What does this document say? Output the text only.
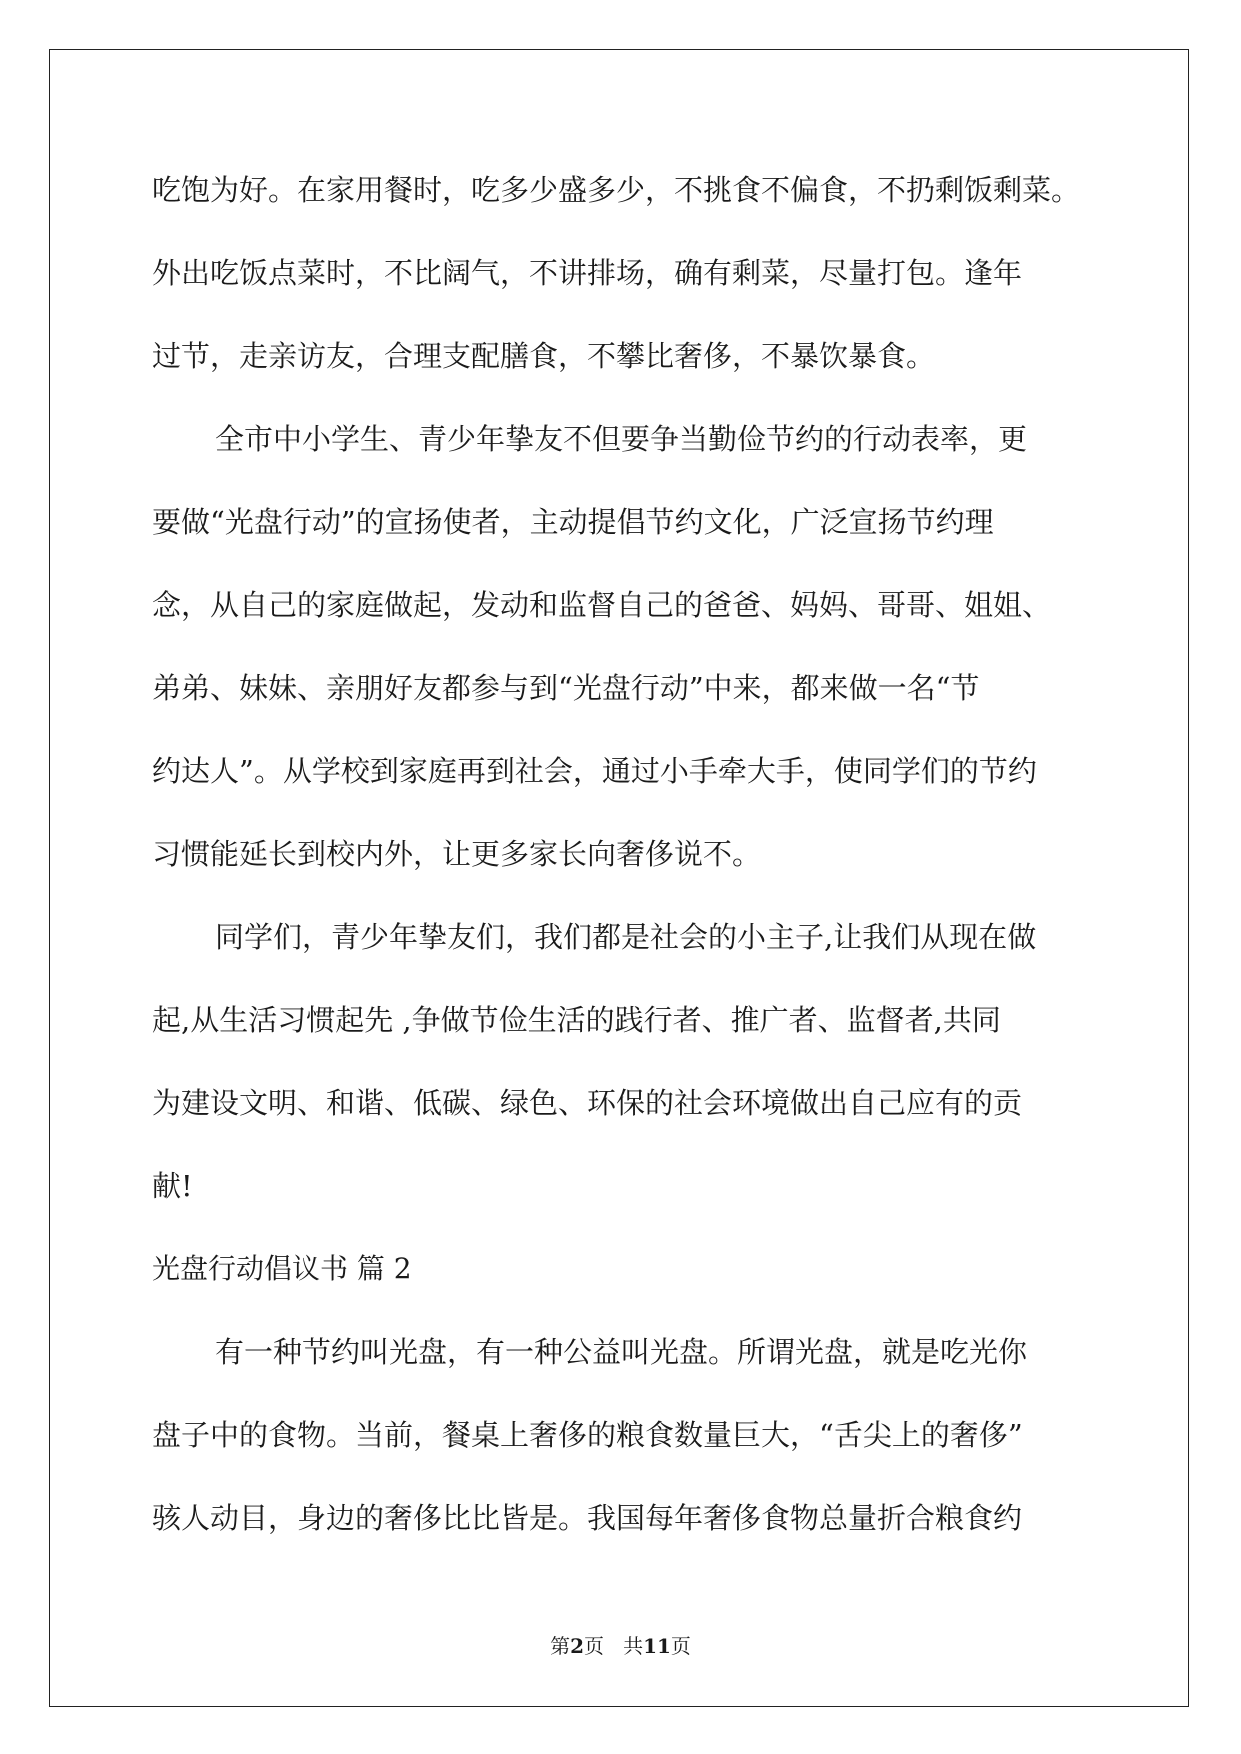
吃饱为好。在家用餐时，吃多少盛多少，不挑食不偏食，不扔剩饭剩菜。
外出吃饭点菜时，不比阔气，不讲排场，确有剩菜，尽量打包。逢年
过节，走亲访友，合理支配膳食，不攀比奢侈，不暴饮暴食。
全市中小学生、青少年挚友不但要争当勤俭节约的行动表率，更
要做“光盘行动”的宣扬使者，主动提倡节约文化，广泛宣扬节约理
念，从自己的家庭做起，发动和监督自己的爸爸、妈妈、哥哥、姐姐、
弟弟、妹妹、亲朋好友都参与到“光盘行动”中来，都来做一名“节
约达人”。从学校到家庭再到社会，通过小手牵大手，使同学们的节约
习惯能延长到校内外，让更多家长向奢侈说不。
同学们，青少年挚友们，我们都是社会的小主子,让我们从现在做
起,从生活习惯起先 ,争做节俭生活的践行者、推广者、监督者,共同
为建设文明、和谐、低碳、绿色、环保的社会环境做出自己应有的贡
献!
光盘行动倡议书 篇 2
有一种节约叫光盘，有一种公益叫光盘。所谓光盘，就是吃光你
盘子中的食物。当前，餐桌上奢侈的粮食数量巨大，“舌尖上的奢侈”
骇人动目，身边的奢侈比比皆是。我国每年奢侈食物总量折合粮食约
第2页 共11页
